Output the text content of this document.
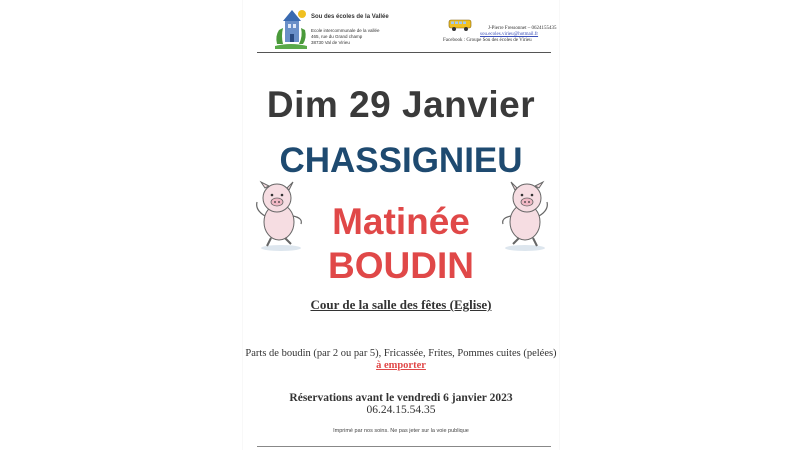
Sou des écoles de la Vallée
Ecole intercommunale de la vallée
465, rue du Grand champ
38730 Val de Virieu
J-Pierre Fressonnet – 0624155435
sou.ecoles.virieu@hotmail.fr
Facebook : Groupe Sou des écoles de Virieu
Dim 29 Janvier
CHASSIGNIEU
Matinée
BOUDIN
Cour de la salle des fêtes (Eglise)
Parts de boudin (par 2 ou par 5), Fricassée, Frites, Pommes cuites (pelées)
à emporter
Réservations avant le vendredi 6 janvier 2023
06.24.15.54.35
Imprimé par nos soins. Ne pas jeter sur la voie publique
